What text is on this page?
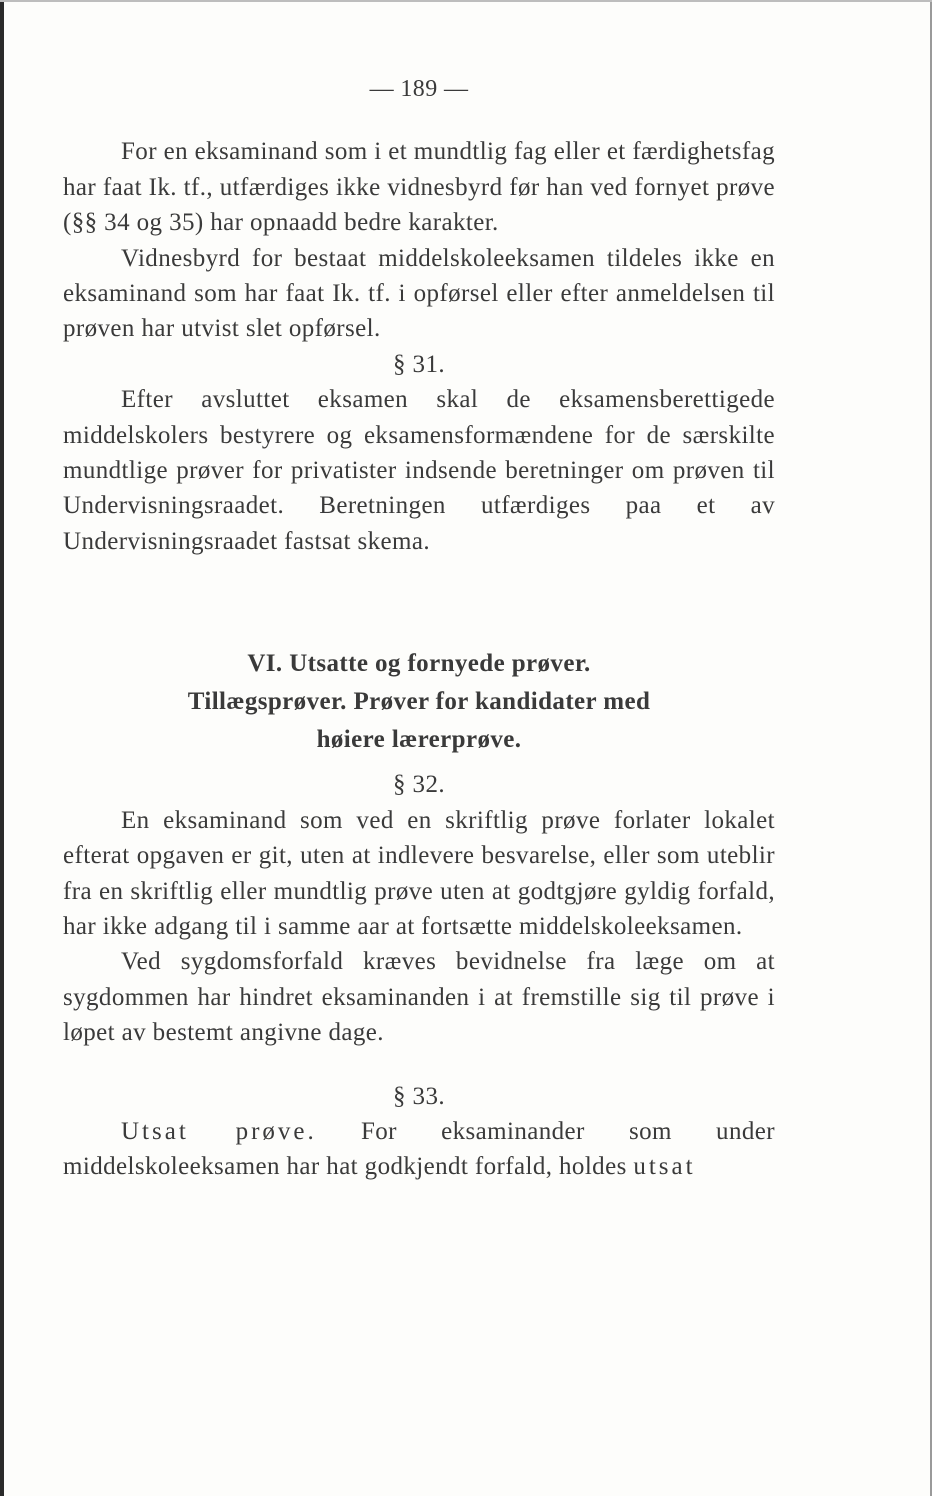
— 189 —

For en eksaminand som i et mundtlig fag eller et færdighetsfag har faat Ik. tf., utfærdiges ikke vidnesbyrd før han ved fornyet prøve (§§ 34 og 35) har opnaadd bedre karakter.

Vidnesbyrd for bestaat middelskoleeksamen tildeles ikke en eksaminand som har faat Ik. tf. i opførsel eller efter anmeldelsen til prøven har utvist slet opførsel.

§ 31.

Efter avsluttet eksamen skal de eksamensberettigede middelskolers bestyrere og eksamensformændene for de særskilte mundtlige prøver for privatister indsende beretninger om prøven til Undervisningsraadet. Beretningen utfærdiges paa et av Undervisningsraadet fastsat skema.

VI. Utsatte og fornyede prøver.

Tillægsprøver. Prøver for kandidater med

høiere lærerprøve.

§ 32.

En eksaminand som ved en skriftlig prøve forlater lokalet efterat opgaven er git, uten at indlevere besvarelse, eller som uteblir fra en skriftlig eller mundtlig prøve uten at godtgjøre gyldig forfald, har ikke adgang til i samme aar at fortsætte middelskoleeksamen.

Ved sygdomsforfald kræves bevidnelse fra læge om at sygdommen har hindret eksaminanden i at fremstille sig til prøve i løpet av bestemt angivne dage.

§ 33.

Utsat prøve. For eksaminander som under middelskoleeksamen har hat godkjendt forfald, holdes utsat
